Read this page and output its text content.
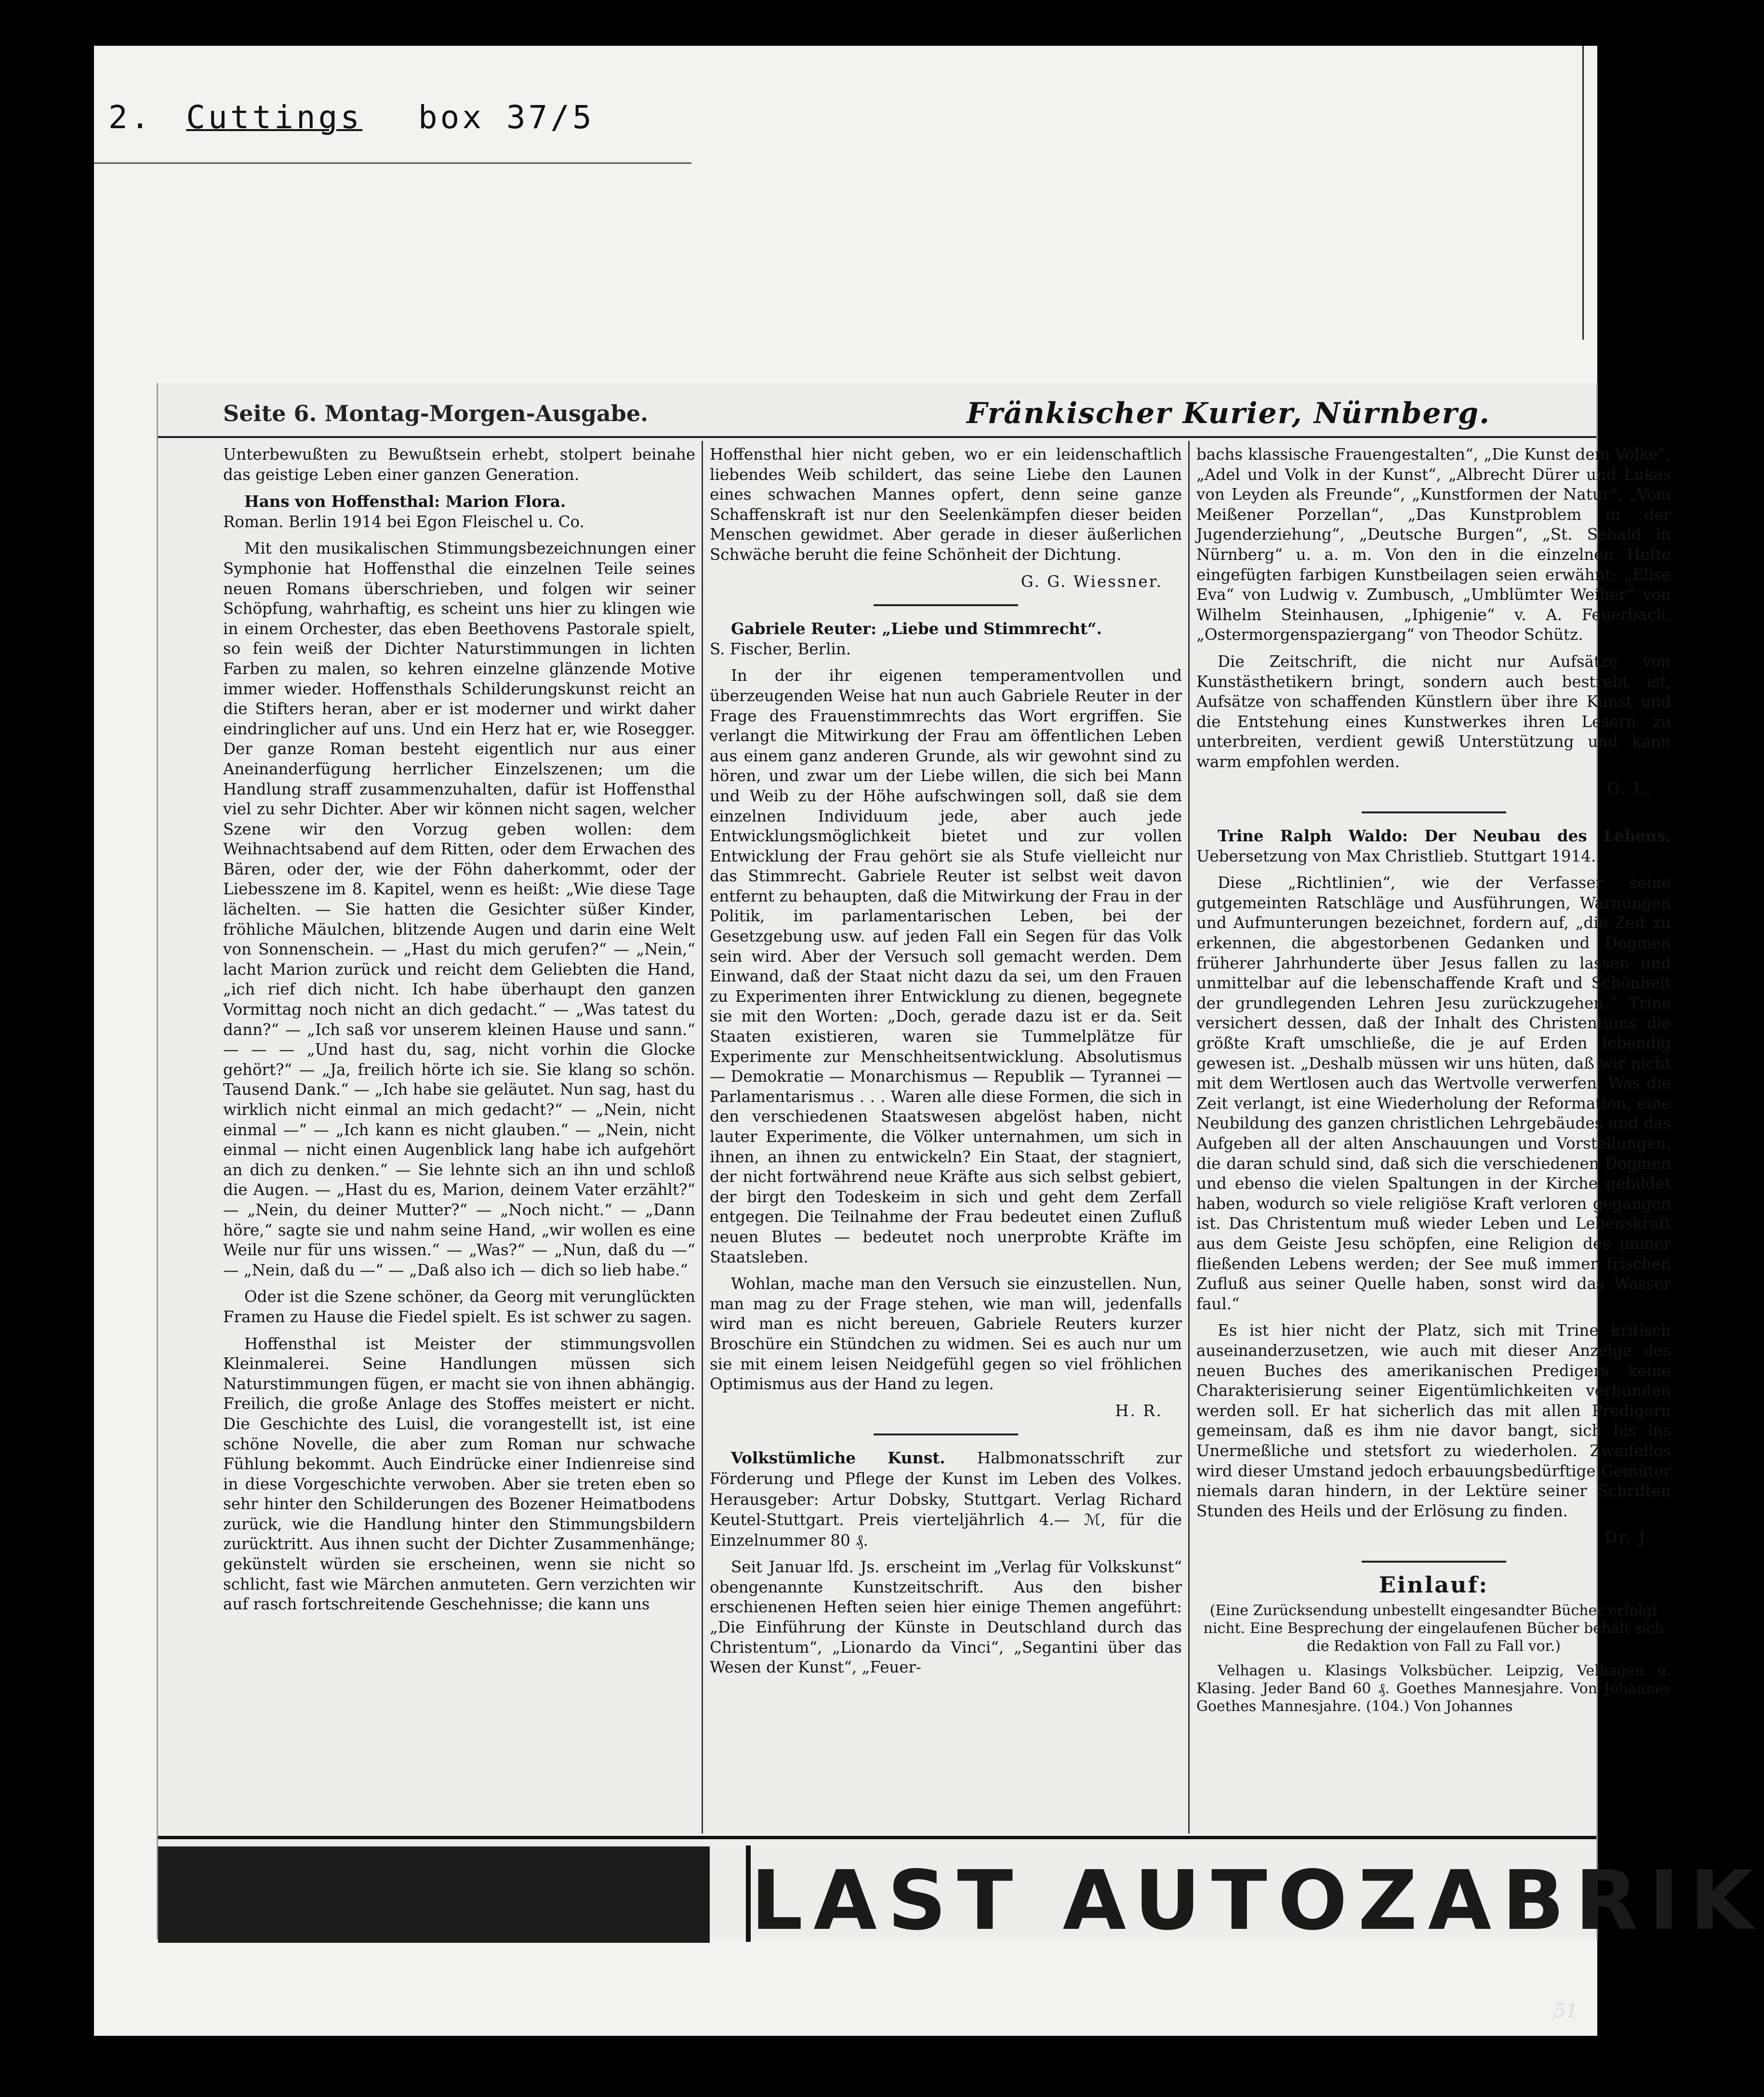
2. Cuttings box 37/5
Seite 6. Montag-Morgen-Ausgabe.	Fränkischer Kurier, Nürnberg.

Unterbewußten zu Bewußtsein erhebt, stolpert beinahe das geistige Leben einer ganzen Generation.

Hans von Hoffensthal: Marion Flora.
Roman. Berlin 1914 bei Egon Fleischel u. Co.

Mit den musikalischen Stimmungsbezeichnungen einer Symphonie hat Hoffensthal die einzelnen Teile seines neuen Romans überschrieben, und folgen wir seiner Schöpfung, wahrhaftig, es scheint uns hier zu klingen wie in einem Orchester, das eben Beethovens Pastorale spielt, so fein weiß der Dichter Naturstimmungen in lichten Farben zu malen, so kehren einzelne glänzende Motive immer wieder. Hoffensthals Schilderungskunst reicht an die Stifters heran, aber er ist moderner und wirkt daher eindringlicher auf uns. Und ein Herz hat er, wie Rosegger. Der ganze Roman besteht eigentlich nur aus einer Aneinanderfügung herrlicher Einzelszenen; um die Handlung straff zusammenzuhalten, dafür ist Hoffensthal viel zu sehr Dichter. Aber wir können nicht sagen, welcher Szene wir den Vorzug geben wollen: dem Weihnachtsabend auf dem Ritten, oder dem Erwachen des Bären, oder der, wie der Föhn daherkommt, oder der Liebesszene im 8. Kapitel, wenn es heißt: „Wie diese Tage lächelten. — Sie hatten die Gesichter süßer Kinder, fröhliche Mäulchen, blitzende Augen und darin eine Welt von Sonnenschein. — „Hast du mich gerufen?“ — „Nein,“ lacht Marion zurück und reicht dem Geliebten die Hand, „ich rief dich nicht. Ich habe überhaupt den ganzen Vormittag noch nicht an dich gedacht.“ — „Was tatest du dann?“ — „Ich saß vor unserem kleinen Hause und sann.“ — — — „Und hast du, sag, nicht vorhin die Glocke gehört?“ — „Ja, freilich hörte ich sie. Sie klang so schön. Tausend Dank.“ — „Ich habe sie geläutet. Nun sag, hast du wirklich nicht einmal an mich gedacht?“ — „Nein, nicht einmal —“ — „Ich kann es nicht glauben.“ — „Nein, nicht einmal — nicht einen Augenblick lang habe ich aufgehört an dich zu denken.“ — Sie lehnte sich an ihn und schloß die Augen. — „Hast du es, Marion, deinem Vater erzählt?“ — „Nein, du deiner Mutter?“ — „Noch nicht.“ — „Dann höre,“ sagte sie und nahm seine Hand, „wir wollen es eine Weile nur für uns wissen.“ — „Was?“ — „Nun, daß du —“ — „Nein, daß du —“ — „Daß also ich — dich so lieb habe.“

Oder ist die Szene schöner, da Georg mit verunglückten Framen zu Hause die Fiedel spielt. Es ist schwer zu sagen.

Hoffensthal ist Meister der stimmungsvollen Kleinmalerei. Seine Handlungen müssen sich Naturstimmungen fügen, er macht sie von ihnen abhängig. Freilich, die große Anlage des Stoffes meistert er nicht. Die Geschichte des Luisl, die vorangestellt ist, ist eine schöne Novelle, die aber zum Roman nur schwache Fühlung bekommt. Auch Eindrücke einer Indienreise sind in diese Vorgeschichte verwoben. Aber sie treten eben so sehr hinter den Schilderungen des Bozener Heimatbodens zurück, wie die Handlung hinter den Stimmungsbildern zurücktritt. Aus ihnen sucht der Dichter Zusammenhänge; gekünstelt würden sie erscheinen, wenn sie nicht so schlicht, fast wie Märchen anmuteten. Gern verzichten wir auf rasch fortschreitende Geschehnisse; die kann uns

Hoffensthal hier nicht geben, wo er ein leidenschaftlich liebendes Weib schildert, das seine Liebe den Launen eines schwachen Mannes opfert, denn seine ganze Schaffenskraft ist nur den Seelenkämpfen dieser beiden Menschen gewidmet. Aber gerade in dieser äußerlichen Schwäche beruht die feine Schönheit der Dichtung.

G. G. Wiessner.

Gabriele Reuter: „Liebe und Stimmrecht“.
S. Fischer, Berlin.

In der ihr eigenen temperamentvollen und überzeugenden Weise hat nun auch Gabriele Reuter in der Frage des Frauenstimmrechts das Wort ergriffen. Sie verlangt die Mitwirkung der Frau am öffentlichen Leben aus einem ganz anderen Grunde, als wir gewohnt sind zu hören, und zwar um der Liebe willen, die sich bei Mann und Weib zu der Höhe aufschwingen soll, daß sie dem einzelnen Individuum jede, aber auch jede Entwicklungsmöglichkeit bietet und zur vollen Entwicklung der Frau gehört sie als Stufe vielleicht nur das Stimmrecht. Gabriele Reuter ist selbst weit davon entfernt zu behaupten, daß die Mitwirkung der Frau in der Politik, im parlamentarischen Leben, bei der Gesetzgebung usw. auf jeden Fall ein Segen für das Volk sein wird. Aber der Versuch soll gemacht werden. Dem Einwand, daß der Staat nicht dazu da sei, um den Frauen zu Experimenten ihrer Entwicklung zu dienen, begegnete sie mit den Worten: „Doch, gerade dazu ist er da. Seit Staaten existieren, waren sie Tummelplätze für Experimente zur Menschheitsentwicklung. Absolutismus — Demokratie — Monarchismus — Republik — Tyrannei — Parlamentarismus . . . Waren alle diese Formen, die sich in den verschiedenen Staatswesen abgelöst haben, nicht lauter Experimente, die Völker unternahmen, um sich in ihnen, an ihnen zu entwickeln? Ein Staat, der stagniert, der nicht fortwährend neue Kräfte aus sich selbst gebiert, der birgt den Todeskeim in sich und geht dem Zerfall entgegen. Die Teilnahme der Frau bedeutet einen Zufluß neuen Blutes — bedeutet noch unerprobte Kräfte im Staatsleben.

Wohlan, mache man den Versuch sie einzustellen. Nun, man mag zu der Frage stehen, wie man will, jedenfalls wird man es nicht bereuen, Gabriele Reuters kurzer Broschüre ein Stündchen zu widmen. Sei es auch nur um sie mit einem leisen Neidgefühl gegen so viel fröhlichen Optimismus aus der Hand zu legen.

H. R.

Volkstümliche Kunst. Halbmonatsschrift zur Förderung und Pflege der Kunst im Leben des Volkes. Herausgeber: Artur Dobsky, Stuttgart. Verlag Richard Keutel-Stuttgart. Preis vierteljährlich 4.— ℳ, für die Einzelnummer 80 ₰.

Seit Januar lfd. Js. erscheint im „Verlag für Volkskunst“ obengenannte Kunstzeitschrift. Aus den bisher erschienenen Heften seien hier einige Themen angeführt: „Die Einführung der Künste in Deutschland durch das Christentum“, „Lionardo da Vinci“, „Segantini über das Wesen der Kunst“, „Feuer-

bachs klassische Frauengestalten“, „Die Kunst dem Volke“, „Adel und Volk in der Kunst“, „Albrecht Dürer und Lukas von Leyden als Freunde“, „Kunstformen der Natur“, „Vom Meißener Porzellan“, „Das Kunstproblem in der Jugenderziehung“, „Deutsche Burgen“, „St. Sebald in Nürnberg“ u. a. m. Von den in die einzelnen Hefte eingefügten farbigen Kunstbeilagen seien erwähnt: „Elise Eva“ von Ludwig v. Zumbusch, „Umblümter Weiher“ von Wilhelm Steinhausen, „Iphigenie“ v. A. Feuerbach, „Ostermorgenspaziergang“ von Theodor Schütz.

Die Zeitschrift, die nicht nur Aufsätze von Kunstästhetikern bringt, sondern auch bestrebt ist, Aufsätze von schaffenden Künstlern über ihre Kunst und die Entstehung eines Kunstwerkes ihren Lesern zu unterbreiten, verdient gewiß Unterstützung und kann warm empfohlen werden.

G. L.

Trine Ralph Waldo: Der Neubau des Lebens. Uebersetzung von Max Christlieb. Stuttgart 1914.

Diese „Richtlinien“, wie der Verfasser seine gutgemeinten Ratschläge und Ausführungen, Warnungen und Aufmunterungen bezeichnet, fordern auf, „die Zeit zu erkennen, die abgestorbenen Gedanken und Dogmen früherer Jahrhunderte über Jesus fallen zu lassen und unmittelbar auf die lebenschaffende Kraft und Schönheit der grundlegenden Lehren Jesu zurückzugehen.“ Trine versichert dessen, daß der Inhalt des Christentums die größte Kraft umschließe, die je auf Erden lebendig gewesen ist. „Deshalb müssen wir uns hüten, daß wir nicht mit dem Wertlosen auch das Wertvolle verwerfen. Was die Zeit verlangt, ist eine Wiederholung der Reformation, eine Neubildung des ganzen christlichen Lehrgebäudes und das Aufgeben all der alten Anschauungen und Vorstellungen, die daran schuld sind, daß sich die verschiedenen Dogmen und ebenso die vielen Spaltungen in der Kirche gebildet haben, wodurch so viele religiöse Kraft verloren gegangen ist. Das Christentum muß wieder Leben und Lebenskraft aus dem Geiste Jesu schöpfen, eine Religion des immer fließenden Lebens werden; der See muß immer frischen Zufluß aus seiner Quelle haben, sonst wird das Wasser faul.“

Es ist hier nicht der Platz, sich mit Trine kritisch auseinanderzusetzen, wie auch mit dieser Anzeige des neuen Buches des amerikanischen Predigers keine Charakterisierung seiner Eigentümlichkeiten verbunden werden soll. Er hat sicherlich das mit allen Predigern gemeinsam, daß es ihm nie davor bangt, sich bis ins Unermeßliche und stetsfort zu wiederholen. Zweifellos wird dieser Umstand jedoch erbauungsbedürftige Gemüter niemals daran hindern, in der Lektüre seiner Schriften Stunden des Heils und der Erlösung zu finden.

Dr. J.

Einlauf:

(Eine Zurücksendung unbestellt eingesandter Bücher erfolgt nicht. Eine Besprechung der eingelaufenen Bücher behält sich die Redaktion von Fall zu Fall vor.)

Velhagen u. Klasings Volksbücher. Leipzig, Velhagen u. Klasing. Jeder Band 60 ₰. Goethes Mannesjahre. Von Johannes Goethes Mannesjahre. (104.) Von Johannes

LAST AUTOZABRIK
51
